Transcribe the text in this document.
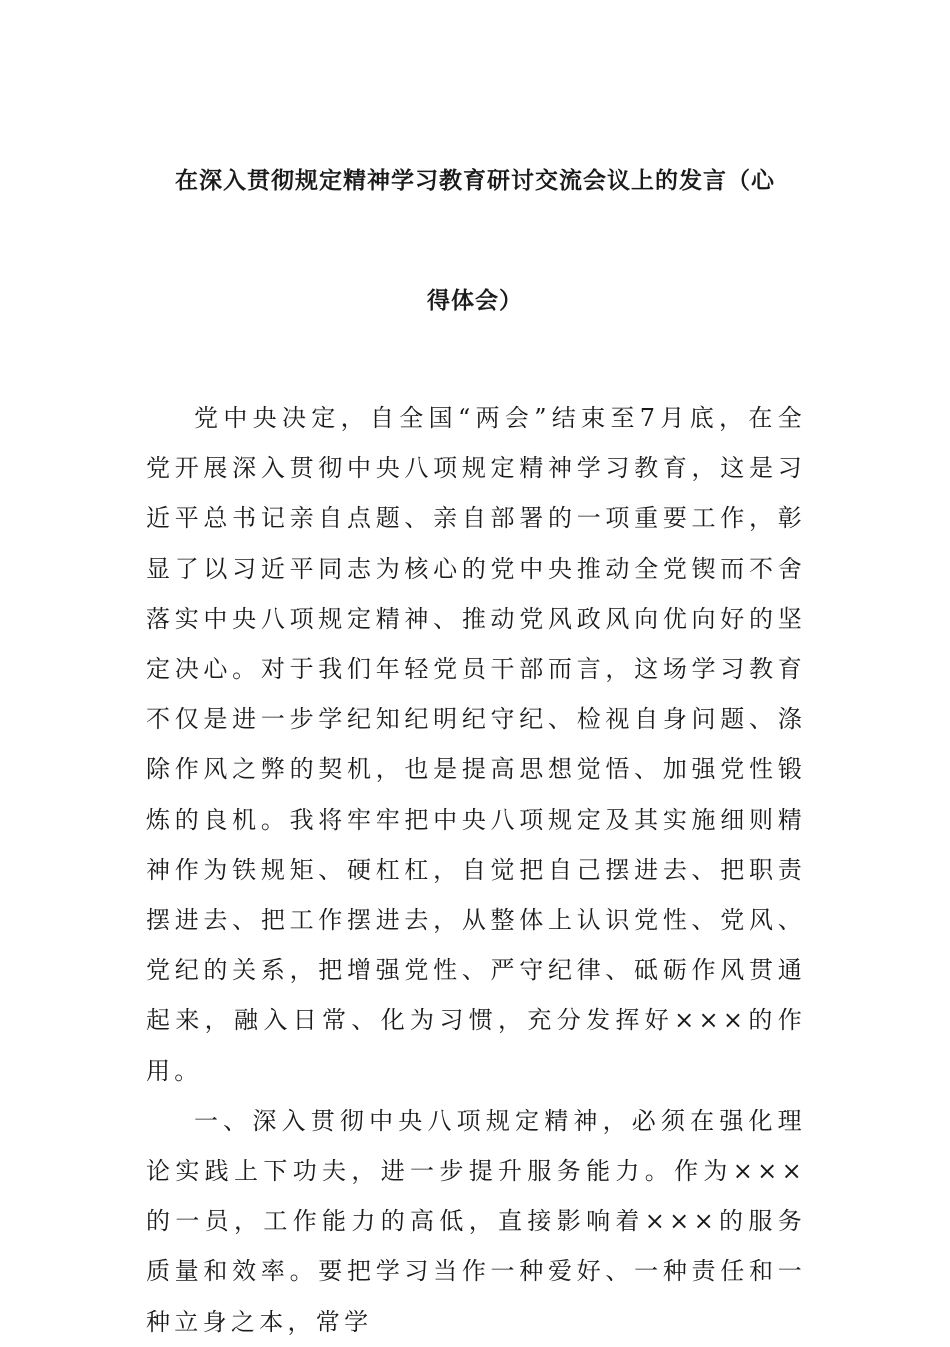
在深入贯彻规定精神学习教育研讨交流会议上的发言（心
得体会）

党中央决定，自全国“两会”结束至7月底，在全党开展深入贯彻中央八项规定精神学习教育，这是习近平总书记亲自点题、亲自部署的一项重要工作，彰显了以习近平同志为核心的党中央推动全党锲而不舍落实中央八项规定精神、推动党风政风向优向好的坚定决心。对于我们年轻党员干部而言，这场学习教育不仅是进一步学纪知纪明纪守纪、检视自身问题、涤除作风之弊的契机，也是提高思想觉悟、加强党性锻炼的良机。我将牢牢把中央八项规定及其实施细则精神作为铁规矩、硬杠杠，自觉把自己摆进去、把职责摆进去、把工作摆进去，从整体上认识党性、党风、党纪的关系，把增强党性、严守纪律、砥砺作风贯通起来，融入日常、化为习惯，充分发挥好×××的作用。

一、深入贯彻中央八项规定精神，必须在强化理论实践上下功夫，进一步提升服务能力。作为×××的一员，工作能力的高低，直接影响着×××的服务质量和效率。要把学习当作一种爱好、一种责任和一种立身之本，常学
